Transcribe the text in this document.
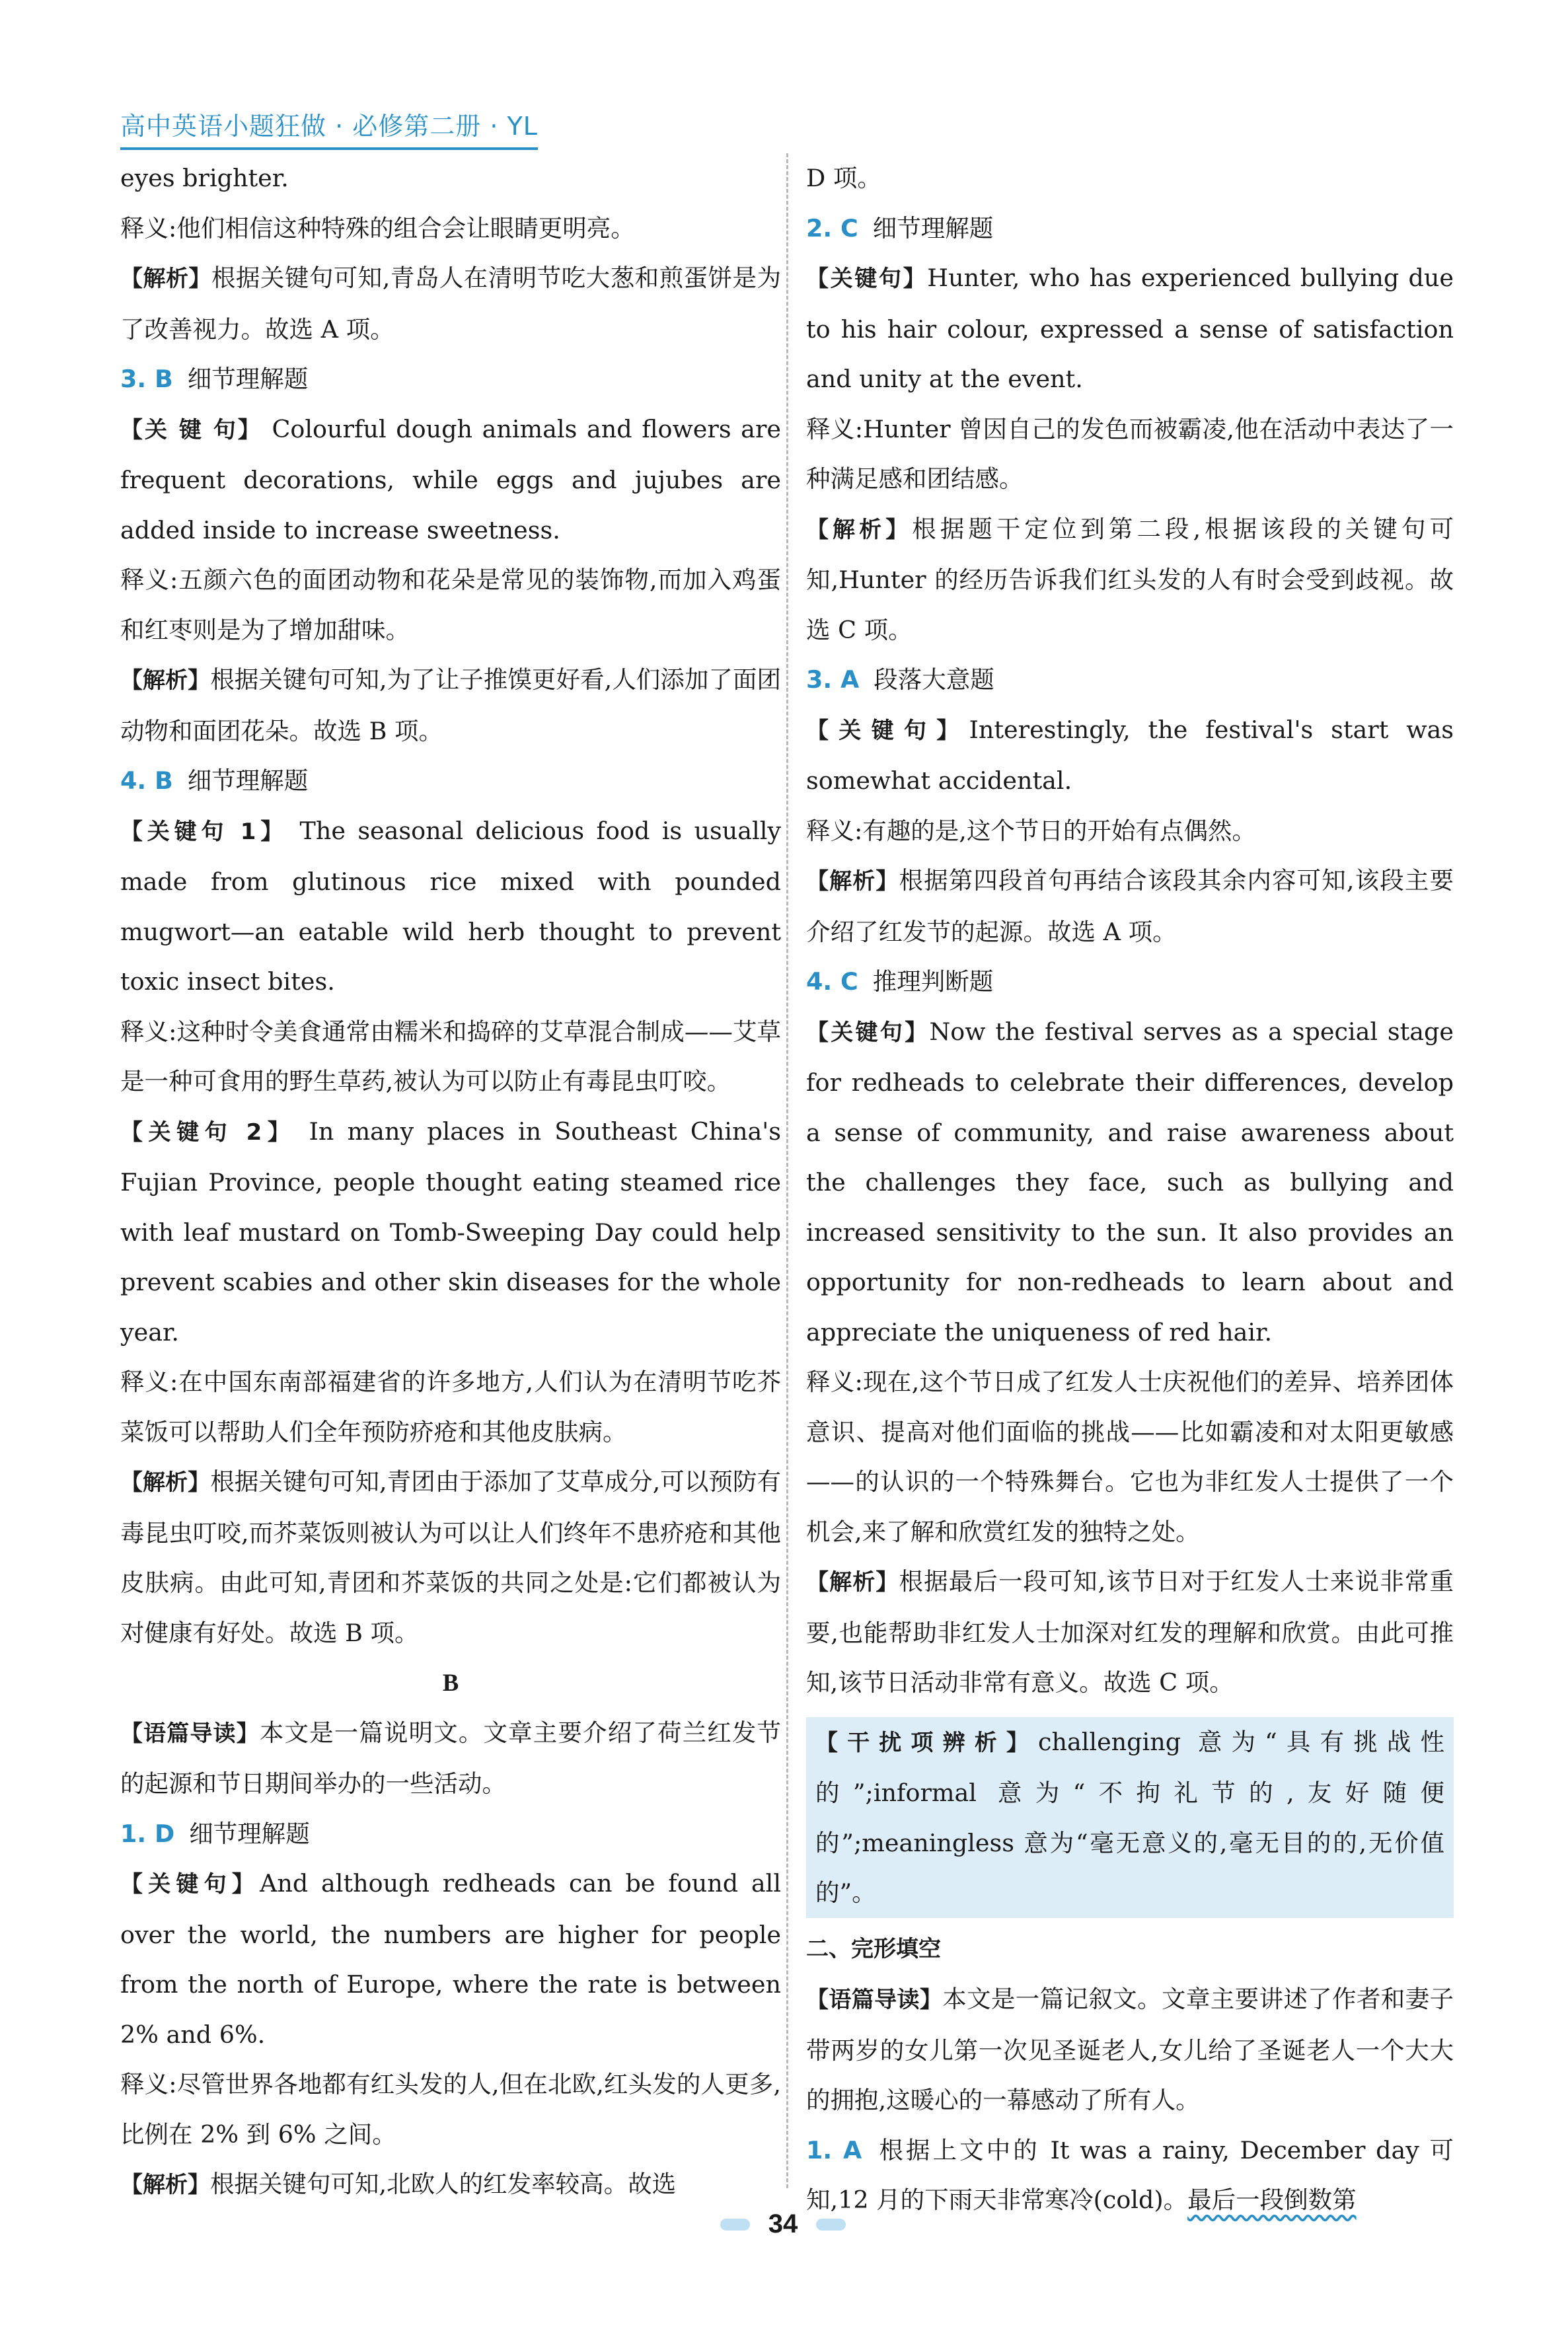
高中英语小题狂做 · 必修第二册 · YL

eyes brighter.

释义:他们相信这种特殊的组合会让眼睛更明亮。

【解析】根据关键句可知,青岛人在清明节吃大葱和煎蛋饼是为了改善视力。故选 A 项。

3. B 细节理解题

【关 键 句】 Colourful dough animals and flowers are frequent decorations, while eggs and jujubes are added inside to increase sweetness.

释义:五颜六色的面团动物和花朵是常见的装饰物,而加入鸡蛋和红枣则是为了增加甜味。

【解析】根据关键句可知,为了让子推馍更好看,人们添加了面团动物和面团花朵。故选 B 项。

4. B 细节理解题

【关键句 1】 The seasonal delicious food is usually made from glutinous rice mixed with pounded mugwort—an eatable wild herb thought to prevent toxic insect bites.

释义:这种时令美食通常由糯米和捣碎的艾草混合制成——艾草是一种可食用的野生草药,被认为可以防止有毒昆虫叮咬。

【关键句 2】 In many places in Southeast China's Fujian Province, people thought eating steamed rice with leaf mustard on Tomb-Sweeping Day could help prevent scabies and other skin diseases for the whole year.

释义:在中国东南部福建省的许多地方,人们认为在清明节吃芥菜饭可以帮助人们全年预防疥疮和其他皮肤病。

【解析】根据关键句可知,青团由于添加了艾草成分,可以预防有毒昆虫叮咬,而芥菜饭则被认为可以让人们终年不患疥疮和其他皮肤病。由此可知,青团和芥菜饭的共同之处是:它们都被认为对健康有好处。故选 B 项。

B

【语篇导读】本文是一篇说明文。文章主要介绍了荷兰红发节的起源和节日期间举办的一些活动。

1. D 细节理解题

【关键句】And although redheads can be found all over the world, the numbers are higher for people from the north of Europe, where the rate is between 2% and 6%.

释义:尽管世界各地都有红头发的人,但在北欧,红头发的人更多,比例在 2% 到 6% 之间。

【解析】根据关键句可知,北欧人的红发率较高。故选

D 项。

2. C 细节理解题

【关键句】Hunter, who has experienced bullying due to his hair colour, expressed a sense of satisfaction and unity at the event.

释义:Hunter 曾因自己的发色而被霸凌,他在活动中表达了一种满足感和团结感。

【解析】根据题干定位到第二段,根据该段的关键句可知,Hunter 的经历告诉我们红头发的人有时会受到歧视。故选 C 项。

3. A 段落大意题

【关键句】Interestingly, the festival's start was somewhat accidental.

释义:有趣的是,这个节日的开始有点偶然。

【解析】根据第四段首句再结合该段其余内容可知,该段主要介绍了红发节的起源。故选 A 项。

4. C 推理判断题

【关键句】Now the festival serves as a special stage for redheads to celebrate their differences, develop a sense of community, and raise awareness about the challenges they face, such as bullying and increased sensitivity to the sun. It also provides an opportunity for non-redheads to learn about and appreciate the uniqueness of red hair.

释义:现在,这个节日成了红发人士庆祝他们的差异、培养团体意识、提高对他们面临的挑战——比如霸凌和对太阳更敏感——的认识的一个特殊舞台。它也为非红发人士提供了一个机会,来了解和欣赏红发的独特之处。

【解析】根据最后一段可知,该节日对于红发人士来说非常重要,也能帮助非红发人士加深对红发的理解和欣赏。由此可推知,该节日活动非常有意义。故选 C 项。

【干扰项辨析】challenging 意为“具有挑战性的”;informal 意为“不拘礼节的,友好随便的”;meaningless 意为“毫无意义的,毫无目的的,无价值的”。

二、完形填空

【语篇导读】本文是一篇记叙文。文章主要讲述了作者和妻子带两岁的女儿第一次见圣诞老人,女儿给了圣诞老人一个大大的拥抱,这暖心的一幕感动了所有人。

1. A 根据上文中的 It was a rainy, December day 可知,12 月的下雨天非常寒冷(cold)。最后一段倒数第

34
